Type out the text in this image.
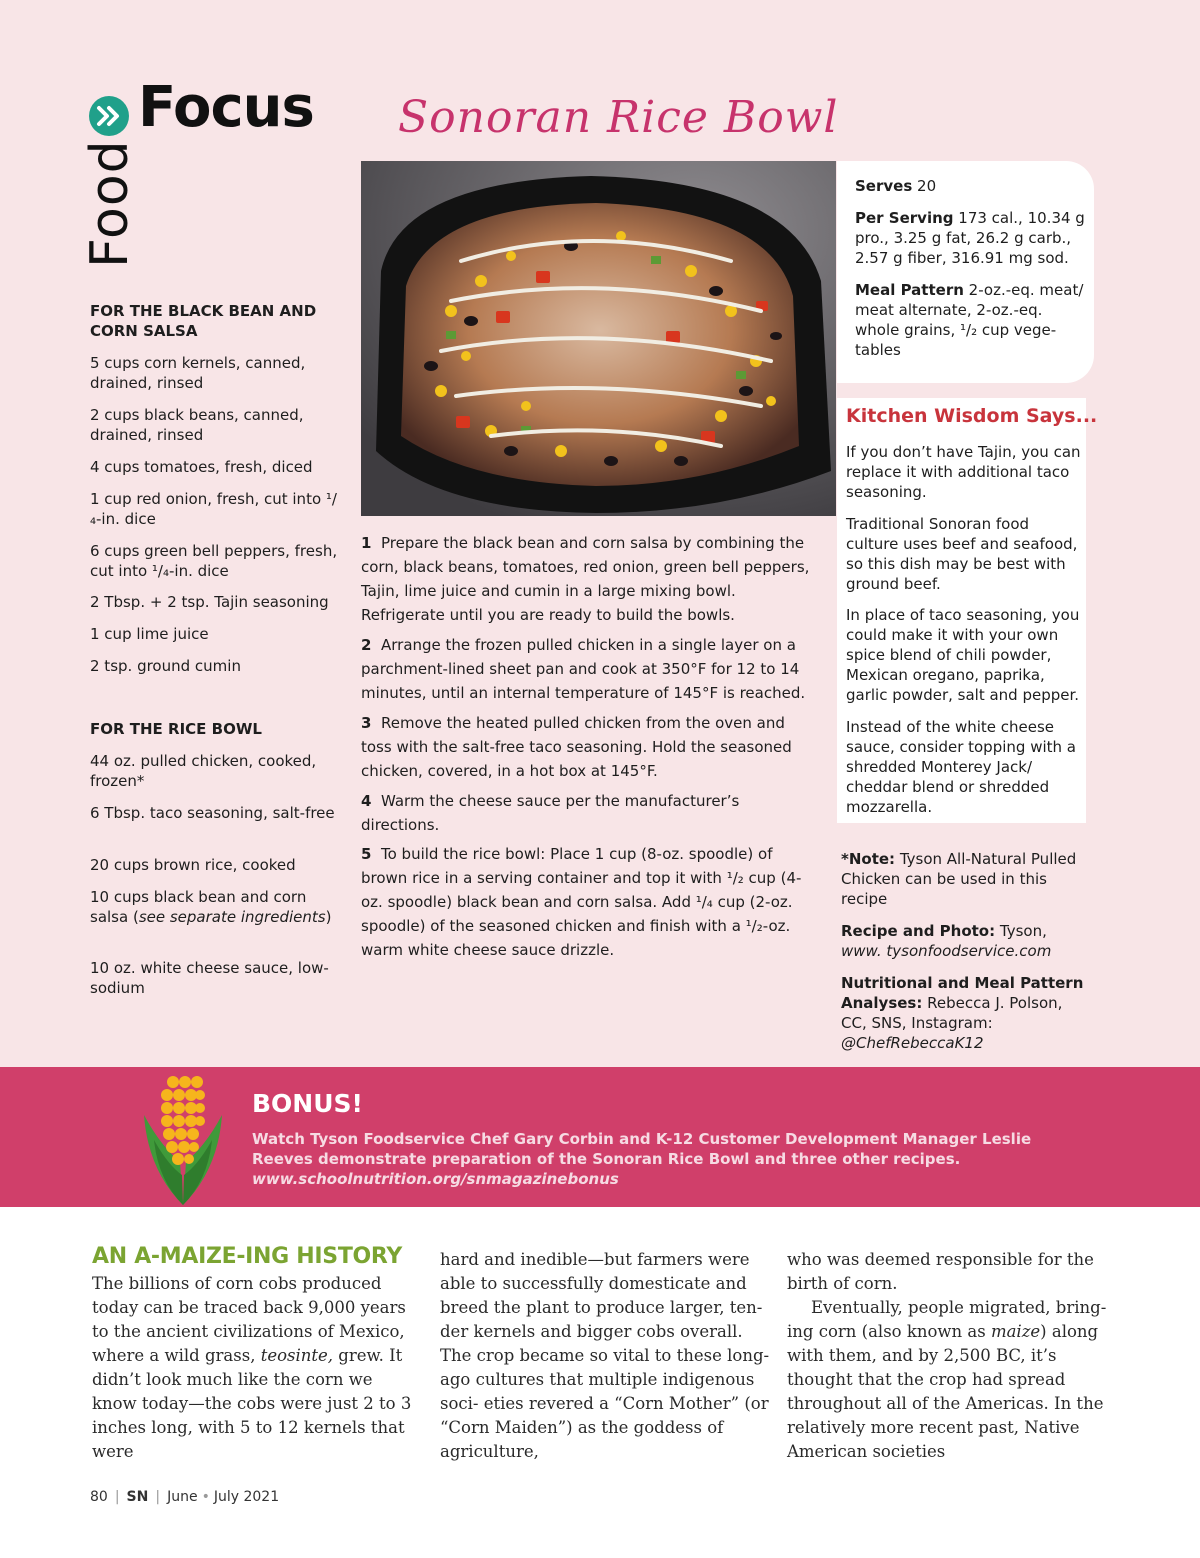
Focus
Food
Sonoran Rice Bowl
FOR THE BLACK BEAN AND CORN SALSA
5 cups corn kernels, canned, drained, rinsed
2 cups black beans, canned, drained, rinsed
4 cups tomatoes, fresh, diced
1 cup red onion, fresh, cut into ¹/₄-in. dice
6 cups green bell peppers, fresh, cut into ¹/₄-in. dice
2 Tbsp. + 2 tsp. Tajin seasoning
1 cup lime juice
2 tsp. ground cumin
FOR THE RICE BOWL
44 oz. pulled chicken, cooked, frozen*
6 Tbsp. taco seasoning, salt-free
20 cups brown rice, cooked
10 cups black bean and corn salsa (see separate ingredients)
10 oz. white cheese sauce, low-sodium
1 Prepare the black bean and corn salsa by combining the corn, black beans, tomatoes, red onion, green bell peppers, Tajin, lime juice and cumin in a large mixing bowl. Refrigerate until you are ready to build the bowls.
2 Arrange the frozen pulled chicken in a single layer on a parchment-lined sheet pan and cook at 350°F for 12 to 14 minutes, until an internal temperature of 145°F is reached.
3 Remove the heated pulled chicken from the oven and toss with the salt-free taco seasoning. Hold the seasoned chicken, covered, in a hot box at 145°F.
4 Warm the cheese sauce per the manufacturer’s directions.
5 To build the rice bowl: Place 1 cup (8-oz. spoodle) of brown rice in a serving container and top it with ¹/₂ cup (4-oz. spoodle) black bean and corn salsa. Add ¹/₄ cup (2-oz. spoodle) of the seasoned chicken and finish with a ¹/₂-oz. warm white cheese sauce drizzle.
Serves 20
Per Serving 173 cal., 10.34 g pro., 3.25 g fat, 26.2 g carb., 2.57 g fiber, 316.91 mg sod.
Meal Pattern 2-oz.-eq. meat/ meat alternate, 2-oz.-eq. whole grains, ¹/₂ cup vege- tables
Kitchen Wisdom Says...
If you don’t have Tajin, you can replace it with additional taco seasoning.
Traditional Sonoran food culture uses beef and seafood, so this dish may be best with ground beef.
In place of taco seasoning, you could make it with your own spice blend of chili powder, Mexican oregano, paprika, garlic powder, salt and pepper.
Instead of the white cheese sauce, consider topping with a shredded Monterey Jack/ cheddar blend or shredded mozzarella.
*Note: Tyson All-Natural Pulled Chicken can be used in this recipe
Recipe and Photo: Tyson, www. tysonfoodservice.com
Nutritional and Meal Pattern Analyses: Rebecca J. Polson, CC, SNS, Instagram: @ChefRebeccaK12
BONUS!
Watch Tyson Foodservice Chef Gary Corbin and K-12 Customer Development Manager Leslie Reeves demonstrate preparation of the Sonoran Rice Bowl and three other recipes.
www.schoolnutrition.org/snmagazinebonus
AN A-MAIZE-ING HISTORY
The billions of corn cobs produced today can be traced back 9,000 years to the ancient civilizations of Mexico, where a wild grass, teosinte, grew. It didn’t look much like the corn we know today—the cobs were just 2 to 3 inches long, with 5 to 12 kernels that were
hard and inedible—but farmers were able to successfully domesticate and breed the plant to produce larger, ten- der kernels and bigger cobs overall. The crop became so vital to these long-ago cultures that multiple indigenous soci- eties revered a “Corn Mother” (or “Corn Maiden”) as the goddess of agriculture,
who was deemed responsible for the birth of corn.
Eventually, people migrated, bring- ing corn (also known as maize) along with them, and by 2,500 BC, it’s thought that the crop had spread throughout all of the Americas. In the relatively more recent past, Native American societies
80 | SN | June • July 2021
